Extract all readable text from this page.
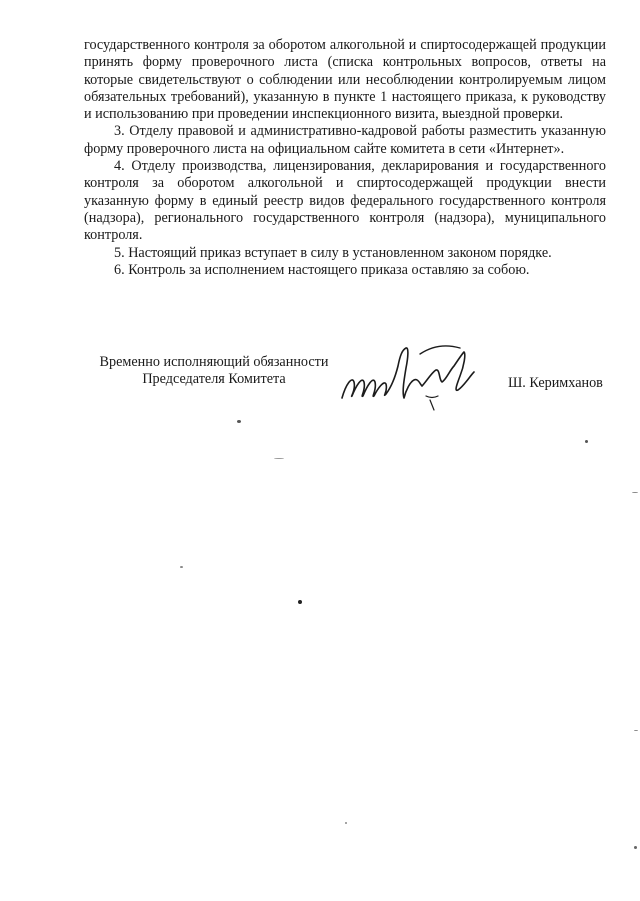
государственного контроля за оборотом алкогольной и спиртосодержащей продукции принять форму проверочного листа (списка контрольных вопросов, ответы на которые свидетельствуют о соблюдении или несоблюдении контролируемым лицом обязательных требований), указанную в пункте 1 настоящего приказа, к руководству и использованию при проведении инспекционного визита, выездной проверки.

3. Отделу правовой и административно-кадровой работы разместить указанную форму проверочного листа на официальном сайте комитета в сети «Интернет».

4. Отделу производства, лицензирования, декларирования и государственного контроля за оборотом алкогольной и спиртосодержащей продукции внести указанную форму в единый реестр видов федерального государственного контроля (надзора), регионального государственного контроля (надзора), муниципального контроля.

5. Настоящий приказ вступает в силу в установленном законом порядке.

6. Контроль за исполнением настоящего приказа оставляю за собою.

Временно исполняющий обязанности
Председателя Комитета	Ш. Керимханов
